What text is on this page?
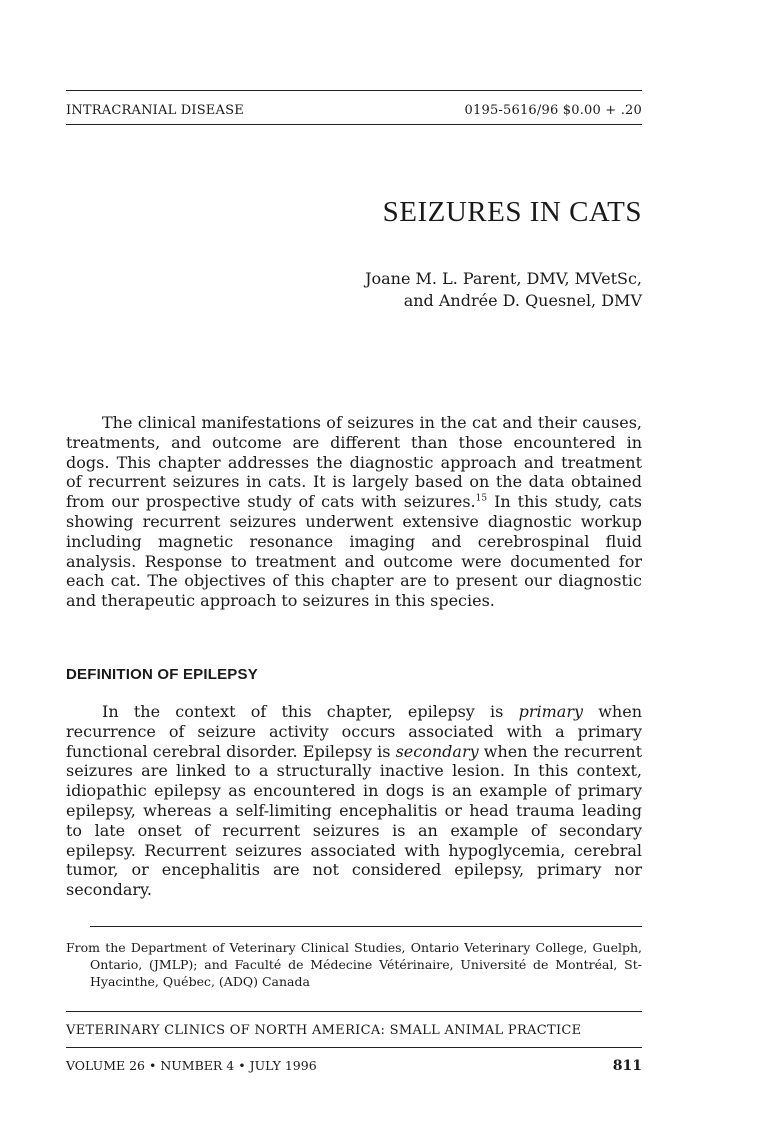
INTRACRANIAL DISEASE	0195-5616/96 $0.00 + .20
SEIZURES IN CATS
Joane M. L. Parent, DMV, MVetSc,
and Andrée D. Quesnel, DMV

The clinical manifestations of seizures in the cat and their causes, treatments, and outcome are different than those encountered in dogs. This chapter addresses the diagnostic approach and treatment of recurrent seizures in cats. It is largely based on the data obtained from our prospective study of cats with seizures.$^{15}$ In this study, cats showing recurrent seizures underwent extensive diagnostic workup including magnetic resonance imaging and cerebrospinal fluid analysis. Response to treatment and outcome were documented for each cat. The objectives of this chapter are to present our diagnostic and therapeutic approach to seizures in this species.

DEFINITION OF EPILEPSY

In the context of this chapter, epilepsy is primary when recurrence of seizure activity occurs associated with a primary functional cerebral disorder. Epilepsy is secondary when the recurrent seizures are linked to a structurally inactive lesion. In this context, idiopathic epilepsy as encountered in dogs is an example of primary epilepsy, whereas a self-limiting encephalitis or head trauma leading to late onset of recurrent seizures is an example of secondary epilepsy. Recurrent seizures associated with hypoglycemia, cerebral tumor, or encephalitis are not considered epilepsy, primary nor secondary.

From the Department of Veterinary Clinical Studies, Ontario Veterinary College, Guelph, Ontario, (JMLP); and Faculté de Médecine Vétérinaire, Université de Montréal, St-Hyacinthe, Québec, (ADQ) Canada
VETERINARY CLINICS OF NORTH AMERICA: SMALL ANIMAL PRACTICE
VOLUME 26 • NUMBER 4 • JULY 1996	811
